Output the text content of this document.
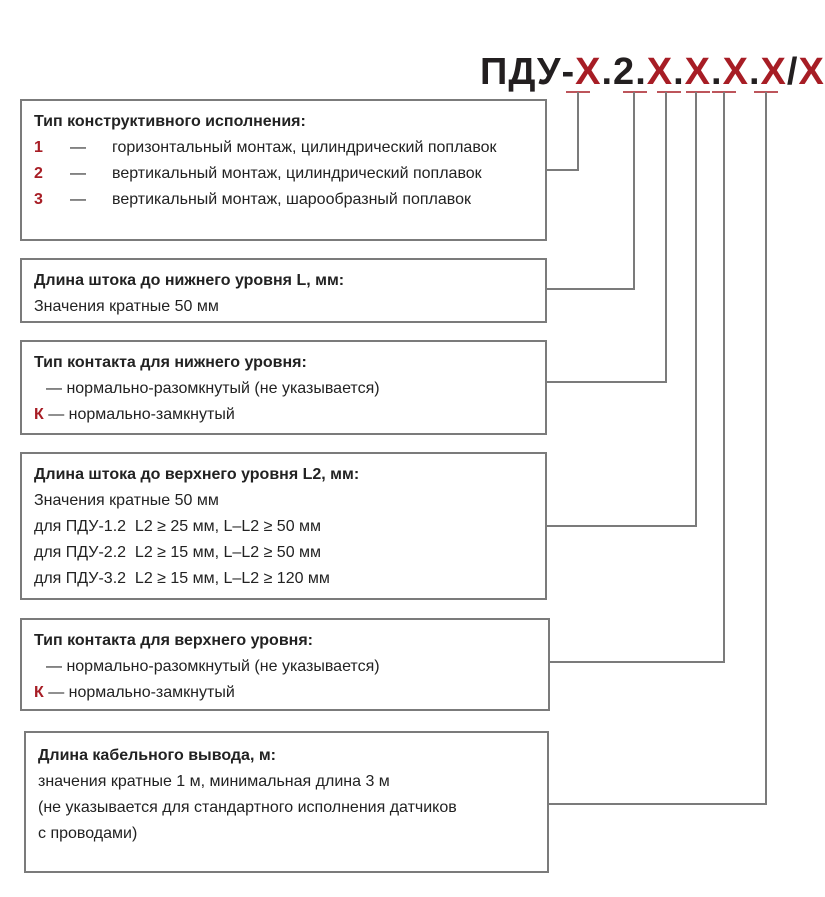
ПДУ-Х.2.Х.Х.Х.Х/Х
Тип конструктивного исполнения:
1 —	горизонтальный монтаж, цилиндрический поплавок
2 —	вертикальный монтаж, цилиндрический поплавок
3 —	вертикальный монтаж, шарообразный поплавок
Длина штока до нижнего уровня L, мм:
Значения кратные 50 мм
Тип контакта для нижнего уровня:
— нормально-разомкнутый (не указывается)
К — нормально-замкнутый
Длина штока до верхнего уровня L2, мм:
Значения кратные 50 мм
для ПДУ-1.2  L2 ≥ 25 мм, L–L2 ≥ 50 мм
для ПДУ-2.2  L2 ≥ 15 мм, L–L2 ≥ 50 мм
для ПДУ-3.2  L2 ≥ 15 мм, L–L2 ≥ 120 мм
Тип контакта для верхнего уровня:
— нормально-разомкнутый (не указывается)
К — нормально-замкнутый
Длина кабельного вывода, м:
значения кратные 1 м, минимальная длина 3 м
(не указывается для стандартного исполнения датчиков
с проводами)
